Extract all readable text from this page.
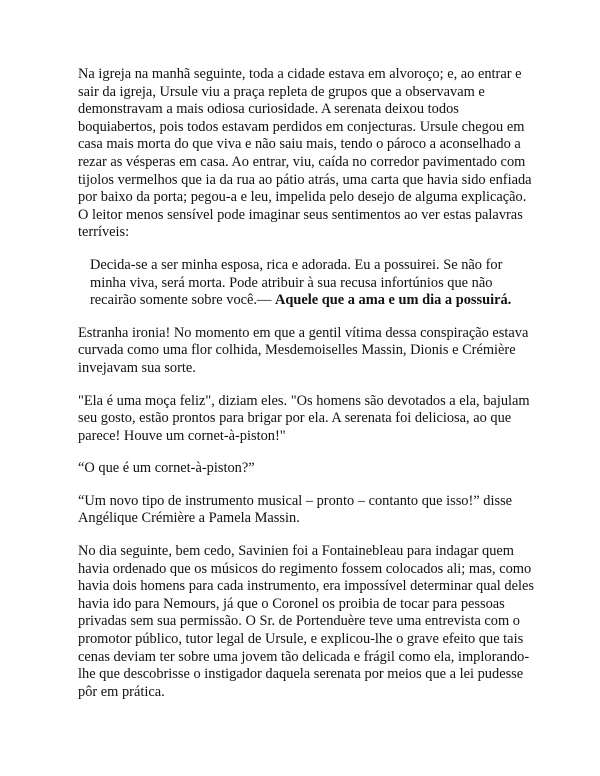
Na igreja na manhã seguinte, toda a cidade estava em alvoroço; e, ao entrar e sair da igreja, Ursule viu a praça repleta de grupos que a observavam e demonstravam a mais odiosa curiosidade. A serenata deixou todos boquiabertos, pois todos estavam perdidos em conjecturas. Ursule chegou em casa mais morta do que viva e não saiu mais, tendo o pároco a aconselhado a rezar as vésperas em casa. Ao entrar, viu, caída no corredor pavimentado com tijolos vermelhos que ia da rua ao pátio atrás, uma carta que havia sido enfiada por baixo da porta; pegou-a e leu, impelida pelo desejo de alguma explicação. O leitor menos sensível pode imaginar seus sentimentos ao ver estas palavras terríveis:

Decida-se a ser minha esposa, rica e adorada. Eu a possuirei. Se não for minha viva, será morta. Pode atribuir à sua recusa infortúnios que não recairão somente sobre você.— Aquele que a ama e um dia a possuirá.

Estranha ironia! No momento em que a gentil vítima dessa conspiração estava curvada como uma flor colhida, Mesdemoiselles Massin, Dionis e Crémière invejavam sua sorte.

"Ela é uma moça feliz", diziam eles. "Os homens são devotados a ela, bajulam seu gosto, estão prontos para brigar por ela. A serenata foi deliciosa, ao que parece! Houve um cornet-à-piston!"

“O que é um cornet-à-piston?”

“Um novo tipo de instrumento musical – pronto – contanto que isso!” disse Angélique Crémière a Pamela Massin.

No dia seguinte, bem cedo, Savinien foi a Fontainebleau para indagar quem havia ordenado que os músicos do regimento fossem colocados ali; mas, como havia dois homens para cada instrumento, era impossível determinar qual deles havia ido para Nemours, já que o Coronel os proibia de tocar para pessoas privadas sem sua permissão. O Sr. de Portenduère teve uma entrevista com o promotor público, tutor legal de Ursule, e explicou-lhe o grave efeito que tais cenas deviam ter sobre uma jovem tão delicada e frágil como ela, implorando-lhe que descobrisse o instigador daquela serenata por meios que a lei pudesse pôr em prática.
